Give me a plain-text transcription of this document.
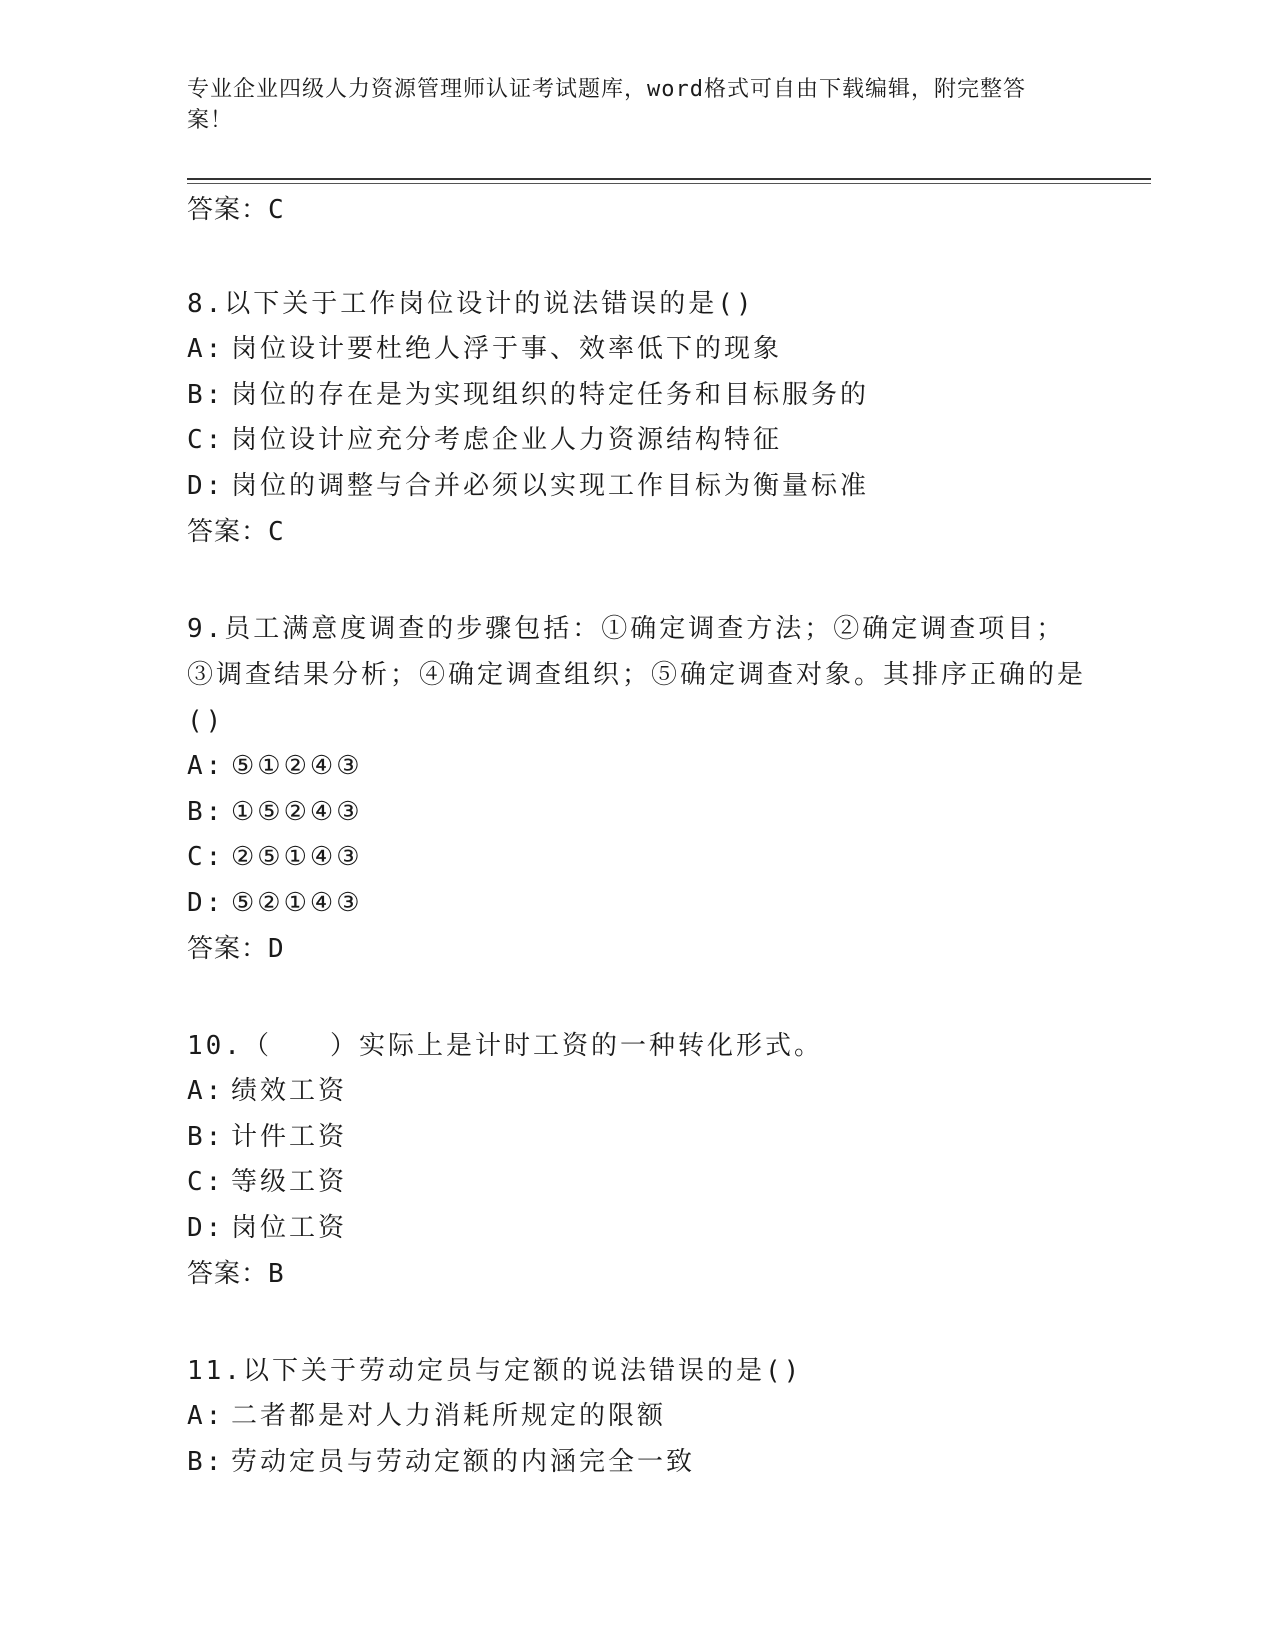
专业企业四级人力资源管理师认证考试题库，word格式可自由下载编辑，附完整答案！

答案：C

8.以下关于工作岗位设计的说法错误的是()

A: 岗位设计要杜绝人浮于事、效率低下的现象

B: 岗位的存在是为实现组织的特定任务和目标服务的

C: 岗位设计应充分考虑企业人力资源结构特征

D: 岗位的调整与合并必须以实现工作目标为衡量标准

答案：C

9.员工满意度调查的步骤包括：①确定调查方法；②确定调查项目；③调查结果分析；④确定调查组织；⑤确定调查对象。其排序正确的是()

A: ⑤①②④③

B: ①⑤②④③

C: ②⑤①④③

D: ⑤②①④③

答案：D

10.（　　）实际上是计时工资的一种转化形式。

A: 绩效工资

B: 计件工资

C: 等级工资

D: 岗位工资

答案：B

11.以下关于劳动定员与定额的说法错误的是()

A: 二者都是对人力消耗所规定的限额

B: 劳动定员与劳动定额的内涵完全一致
